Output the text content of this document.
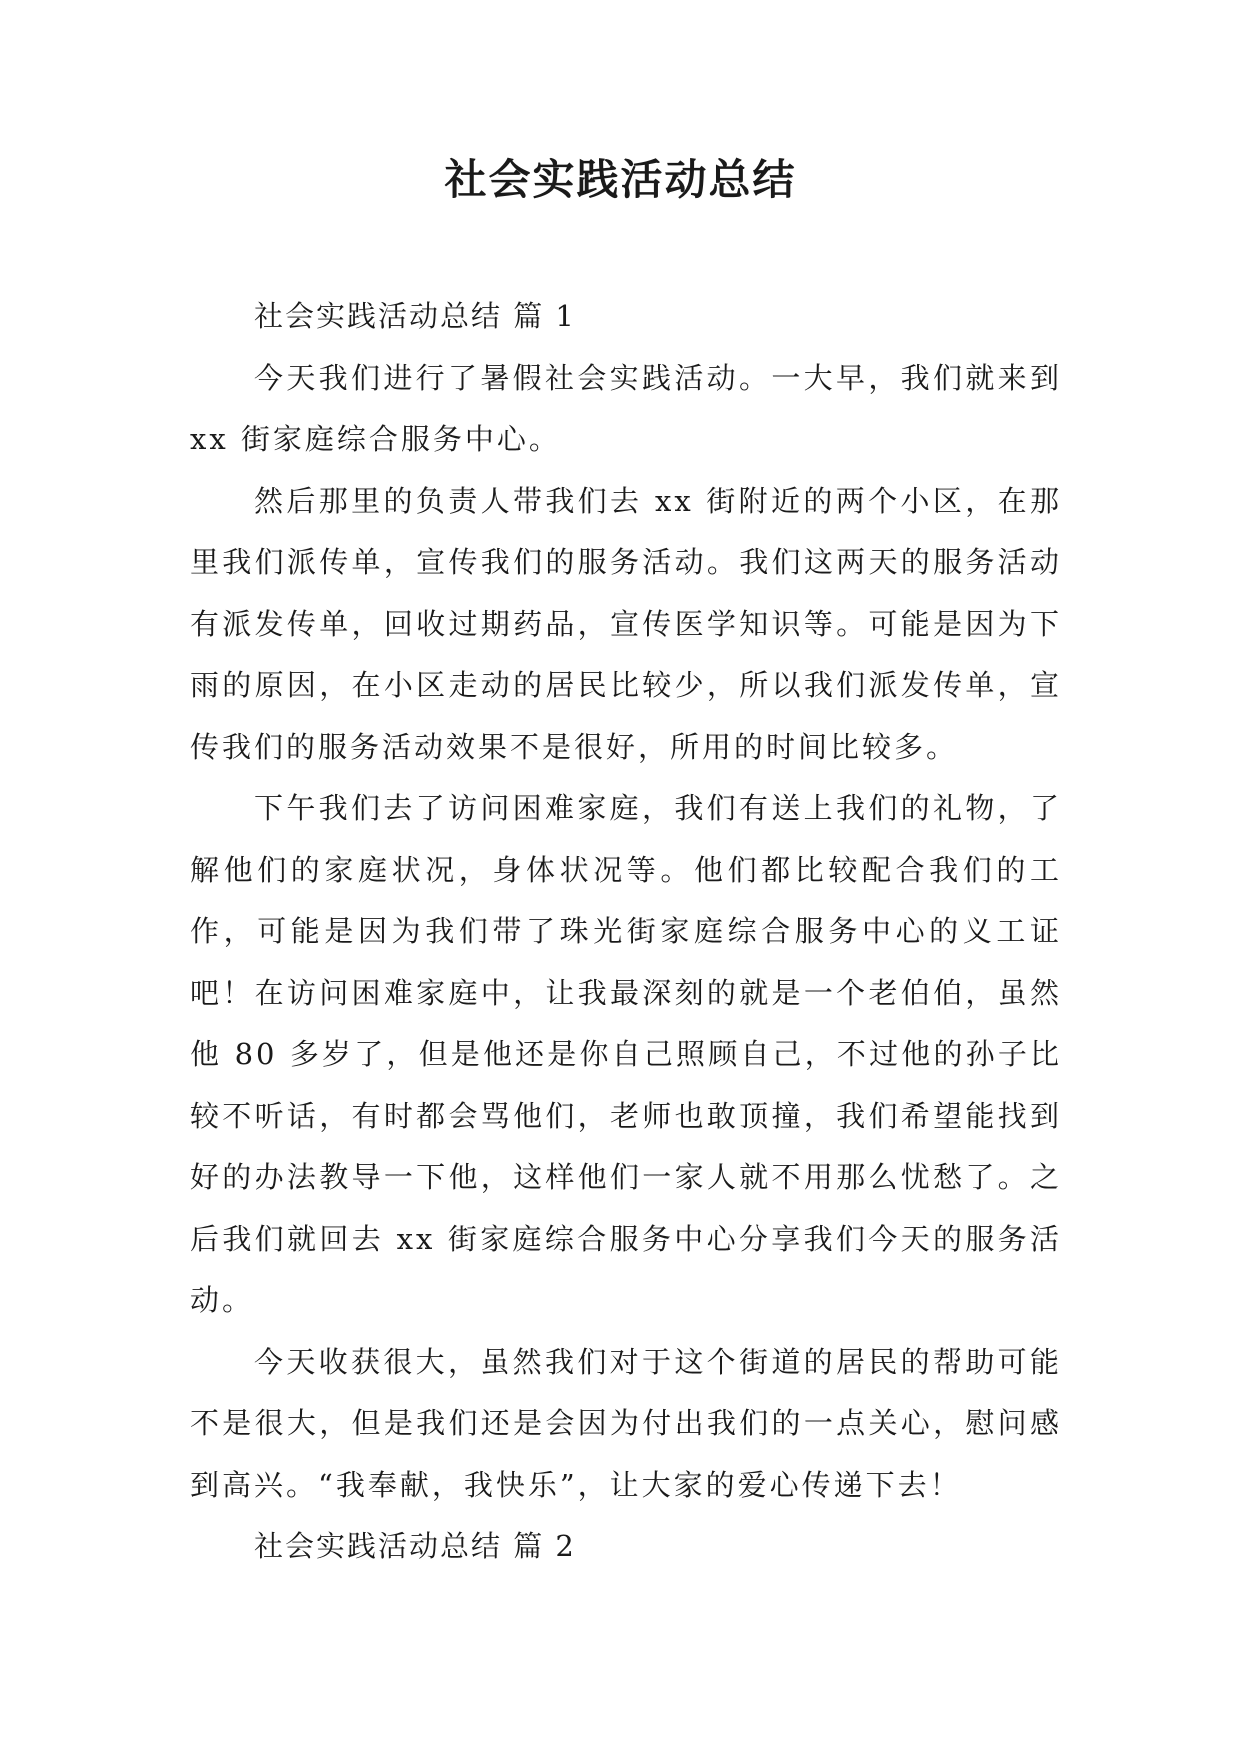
社会实践活动总结

社会实践活动总结 篇 1

今天我们进行了暑假社会实践活动。一大早，我们就来到 xx 街家庭综合服务中心。

然后那里的负责人带我们去 xx 街附近的两个小区，在那里我们派传单，宣传我们的服务活动。我们这两天的服务活动有派发传单，回收过期药品，宣传医学知识等。可能是因为下雨的原因，在小区走动的居民比较少，所以我们派发传单，宣传我们的服务活动效果不是很好，所用的时间比较多。

下午我们去了访问困难家庭，我们有送上我们的礼物，了解他们的家庭状况，身体状况等。他们都比较配合我们的工作，可能是因为我们带了珠光街家庭综合服务中心的义工证吧！在访问困难家庭中，让我最深刻的就是一个老伯伯，虽然他 80 多岁了，但是他还是你自己照顾自己，不过他的孙子比较不听话，有时都会骂他们，老师也敢顶撞，我们希望能找到好的办法教导一下他，这样他们一家人就不用那么忧愁了。之后我们就回去 xx 街家庭综合服务中心分享我们今天的服务活动。

今天收获很大，虽然我们对于这个街道的居民的帮助可能不是很大，但是我们还是会因为付出我们的一点关心，慰问感到高兴。“我奉献，我快乐”，让大家的爱心传递下去！

社会实践活动总结 篇 2
